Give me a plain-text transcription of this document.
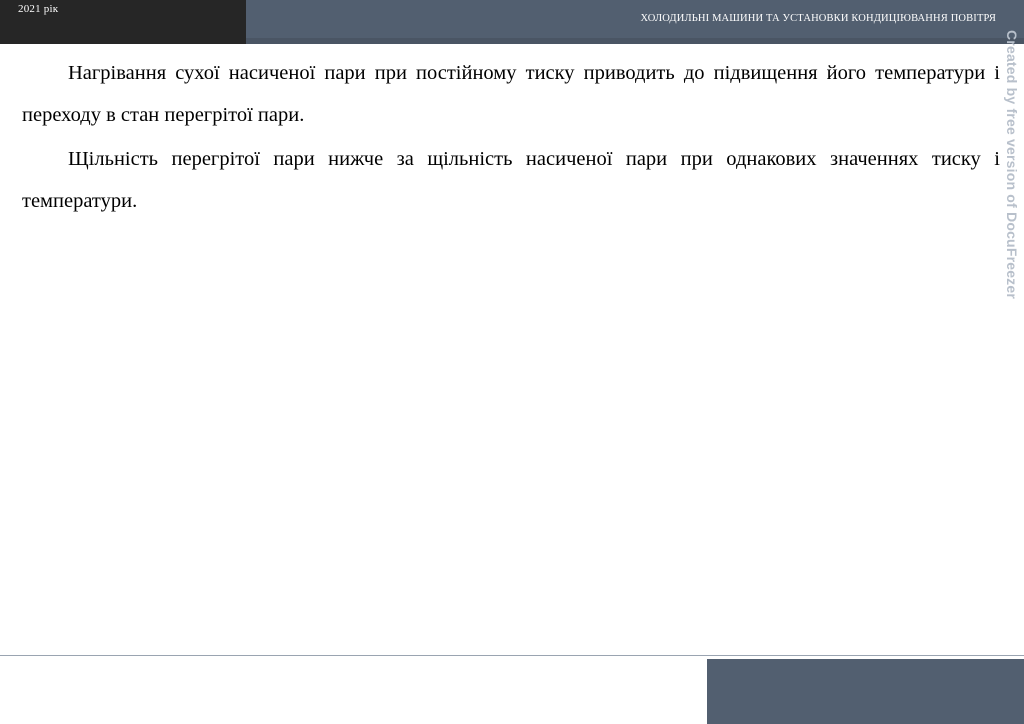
2021 рік
ХОЛОДИЛЬНІ МАШИНИ ТА УСТАНОВКИ КОНДИЦІЮВАННЯ ПОВІТРЯ

Нагрівання сухої насиченої пари при постійному тиску приводить до підвищення його температури і переходу в стан перегрітої пари.

Щільність перегрітої пари нижче за щільність насиченої пари при однакових значеннях тиску і температури.	Created by free version of DocuFreezer
